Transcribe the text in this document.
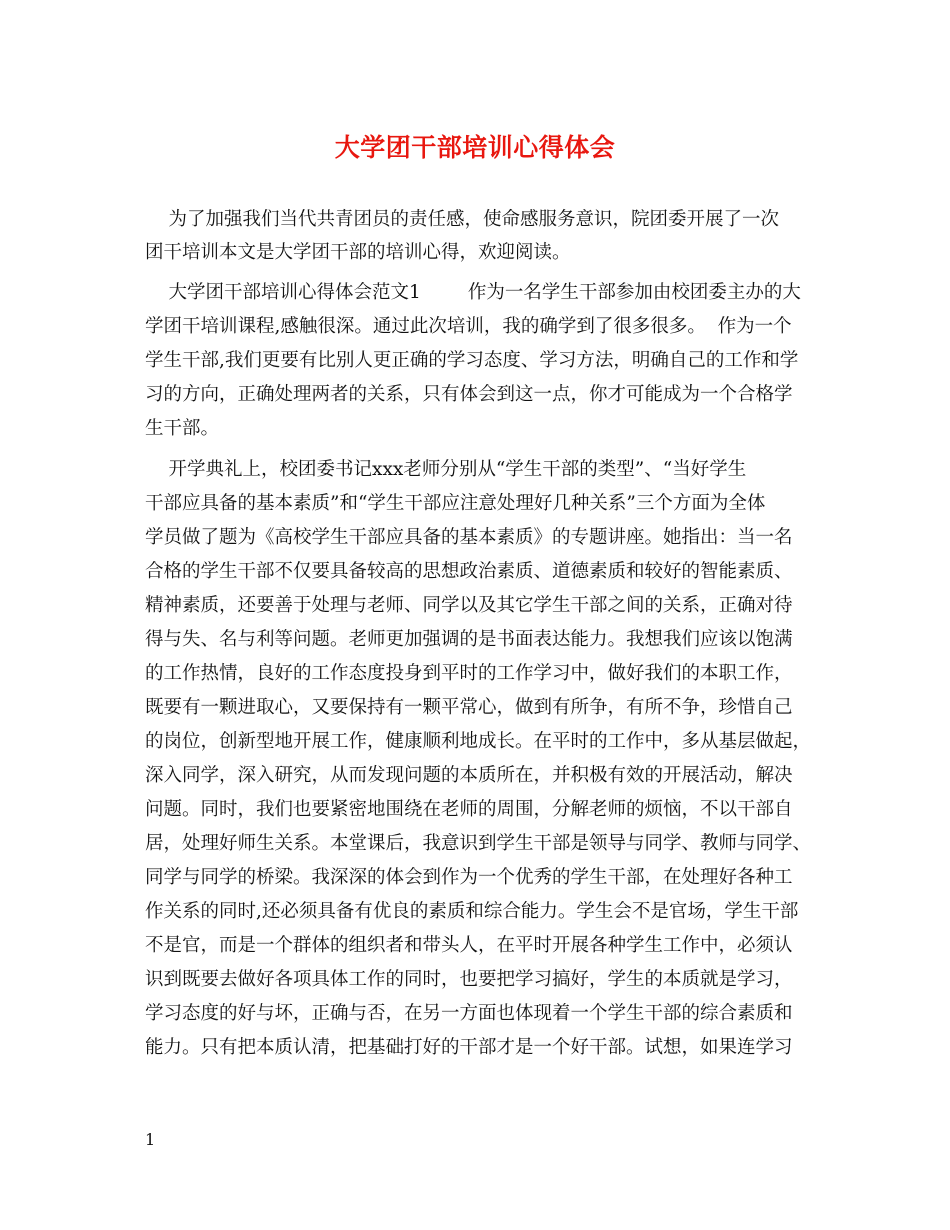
大学团干部培训心得体会
为了加强我们当代共青团员的责任感，使命感服务意识，院团委开展了一次
团干培训本文是大学团干部的培训心得，欢迎阅读。
大学团干部培训心得体会范文1        作为一名学生干部参加由校团委主办的大
学团干培训课程,感触很深。通过此次培训，我的确学到了很多很多。  作为一个
学生干部,我们更要有比别人更正确的学习态度、学习方法，明确自己的工作和学
习的方向，正确处理两者的关系，只有体会到这一点，你才可能成为一个合格学
生干部。
开学典礼上，校团委书记xxx老师分别从“学生干部的类型”、“当好学生
干部应具备的基本素质”和“学生干部应注意处理好几种关系”三个方面为全体
学员做了题为《高校学生干部应具备的基本素质》的专题讲座。她指出：当一名
合格的学生干部不仅要具备较高的思想政治素质、道德素质和较好的智能素质、
精神素质，还要善于处理与老师、同学以及其它学生干部之间的关系，正确对待
得与失、名与利等问题。老师更加强调的是书面表达能力。我想我们应该以饱满
的工作热情，良好的工作态度投身到平时的工作学习中，做好我们的本职工作，
既要有一颗进取心，又要保持有一颗平常心，做到有所争，有所不争，珍惜自己
的岗位，创新型地开展工作，健康顺利地成长。在平时的工作中，多从基层做起，
深入同学，深入研究，从而发现问题的本质所在，并积极有效的开展活动，解决
问题。同时，我们也要紧密地围绕在老师的周围，分解老师的烦恼，不以干部自
居，处理好师生关系。本堂课后，我意识到学生干部是领导与同学、教师与同学、
同学与同学的桥梁。我深深的体会到作为一个优秀的学生干部，在处理好各种工
作关系的同时,还必须具备有优良的素质和综合能力。学生会不是官场，学生干部
不是官，而是一个群体的组织者和带头人，在平时开展各种学生工作中，必须认
识到既要去做好各项具体工作的同时，也要把学习搞好，学生的本质就是学习，
学习态度的好与坏，正确与否，在另一方面也体现着一个学生干部的综合素质和
能力。只有把本质认清，把基础打好的干部才是一个好干部。试想，如果连学习
1
